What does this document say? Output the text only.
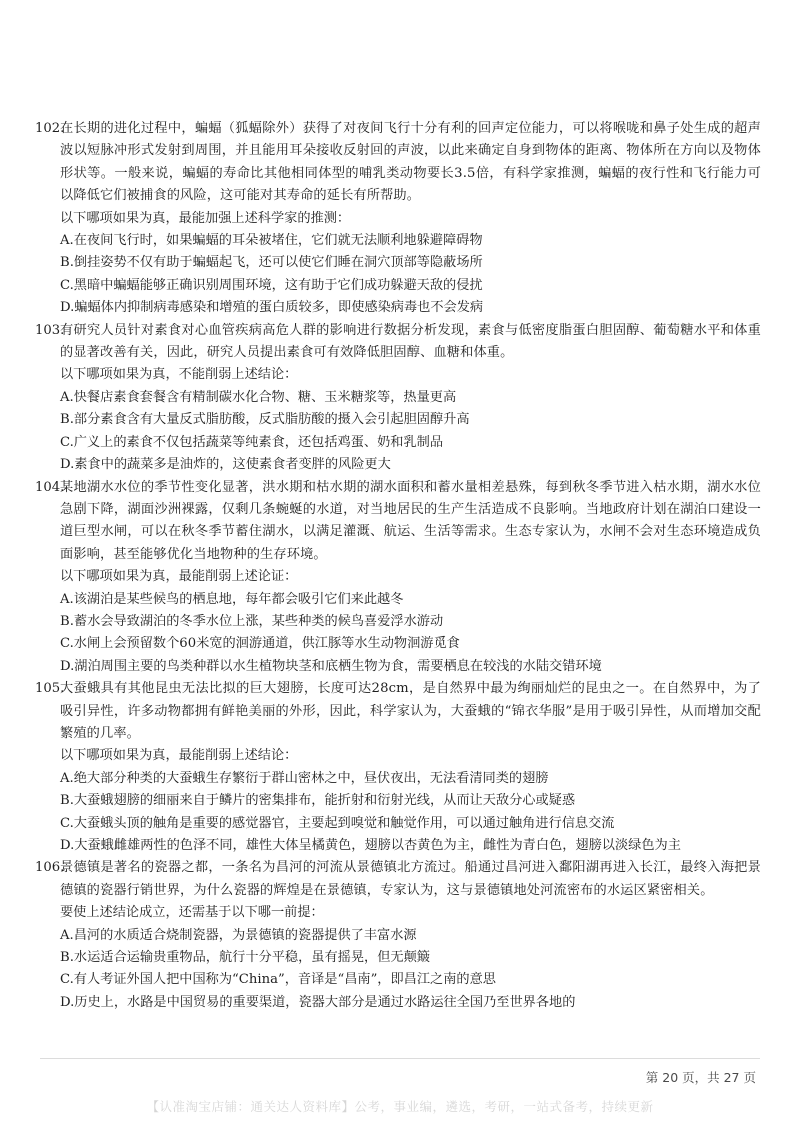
102.
在长期的进化过程中，蝙蝠（狐蝠除外）获得了对夜间飞行十分有利的回声定位能力，可以将喉咙和鼻子处生成的超声波以短脉冲形式发射到周围，并且能用耳朵接收反射回的声波，以此来确定自身到物体的距离、物体所在方向以及物体形状等。一般来说，蝙蝠的寿命比其他相同体型的哺乳类动物要长3.5倍，有科学家推测，蝙蝠的夜行性和飞行能力可以降低它们被捕食的风险，这可能对其寿命的延长有所帮助。
以下哪项如果为真，最能加强上述科学家的推测：
A.在夜间飞行时，如果蝙蝠的耳朵被堵住，它们就无法顺利地躲避障碍物
B.倒挂姿势不仅有助于蝙蝠起飞，还可以使它们睡在洞穴顶部等隐蔽场所
C.黑暗中蝙蝠能够正确识别周围环境，这有助于它们成功躲避天敌的侵扰
D.蝙蝠体内抑制病毒感染和增殖的蛋白质较多，即使感染病毒也不会发病
103.
有研究人员针对素食对心血管疾病高危人群的影响进行数据分析发现，素食与低密度脂蛋白胆固醇、葡萄糖水平和体重的显著改善有关，因此，研究人员提出素食可有效降低胆固醇、血糖和体重。
以下哪项如果为真，不能削弱上述结论：
A.快餐店素食套餐含有精制碳水化合物、糖、玉米糖浆等，热量更高
B.部分素食含有大量反式脂肪酸，反式脂肪酸的摄入会引起胆固醇升高
C.广义上的素食不仅包括蔬菜等纯素食，还包括鸡蛋、奶和乳制品
D.素食中的蔬菜多是油炸的，这使素食者变胖的风险更大
104.
某地湖水水位的季节性变化显著，洪水期和枯水期的湖水面积和蓄水量相差悬殊，每到秋冬季节进入枯水期，湖水水位急剧下降，湖面沙洲裸露，仅剩几条蜿蜒的水道，对当地居民的生产生活造成不良影响。当地政府计划在湖泊口建设一道巨型水闸，可以在秋冬季节蓄住湖水，以满足灌溉、航运、生活等需求。生态专家认为，水闸不会对生态环境造成负面影响，甚至能够优化当地物种的生存环境。
以下哪项如果为真，最能削弱上述论证：
A.该湖泊是某些候鸟的栖息地，每年都会吸引它们来此越冬
B.蓄水会导致湖泊的冬季水位上涨，某些种类的候鸟喜爱浮水游动
C.水闸上会预留数个60米宽的洄游通道，供江豚等水生动物洄游觅食
D.湖泊周围主要的鸟类种群以水生植物块茎和底栖生物为食，需要栖息在较浅的水陆交错环境
105.
大蚕蛾具有其他昆虫无法比拟的巨大翅膀，长度可达28cm，是自然界中最为绚丽灿烂的昆虫之一。在自然界中，为了吸引异性，许多动物都拥有鲜艳美丽的外形，因此，科学家认为，大蚕蛾的“锦衣华服”是用于吸引异性，从而增加交配繁殖的几率。
以下哪项如果为真，最能削弱上述结论：
A.绝大部分种类的大蚕蛾生存繁衍于群山密林之中，昼伏夜出，无法看清同类的翅膀
B.大蚕蛾翅膀的细丽来自于鳞片的密集排布，能折射和衍射光线，从而让天敌分心或疑惑
C.大蚕蛾头顶的触角是重要的感觉器官，主要起到嗅觉和触觉作用，可以通过触角进行信息交流
D.大蚕蛾雌雄两性的色泽不同，雄性大体呈橘黄色，翅膀以杏黄色为主，雌性为青白色，翅膀以淡绿色为主
106.
景德镇是著名的瓷器之都，一条名为昌河的河流从景德镇北方流过。船通过昌河进入鄱阳湖再进入长江，最终入海把景德镇的瓷器行销世界，为什么瓷器的辉煌是在景德镇，专家认为，这与景德镇地处河流密布的水运区紧密相关。
要使上述结论成立，还需基于以下哪一前提：
A.昌河的水质适合烧制瓷器，为景德镇的瓷器提供了丰富水源
B.水运适合运输贵重物品，航行十分平稳，虽有摇晃，但无颠簸
C.有人考证外国人把中国称为“China”，音译是“昌南”，即昌江之南的意思
D.历史上，水路是中国贸易的重要渠道，瓷器大部分是通过水路运往全国乃至世界各地的
第 20 页，共 27 页
【认准淘宝店铺：通关达人资料库】公考，事业编，遴选，考研，一站式备考，持续更新
